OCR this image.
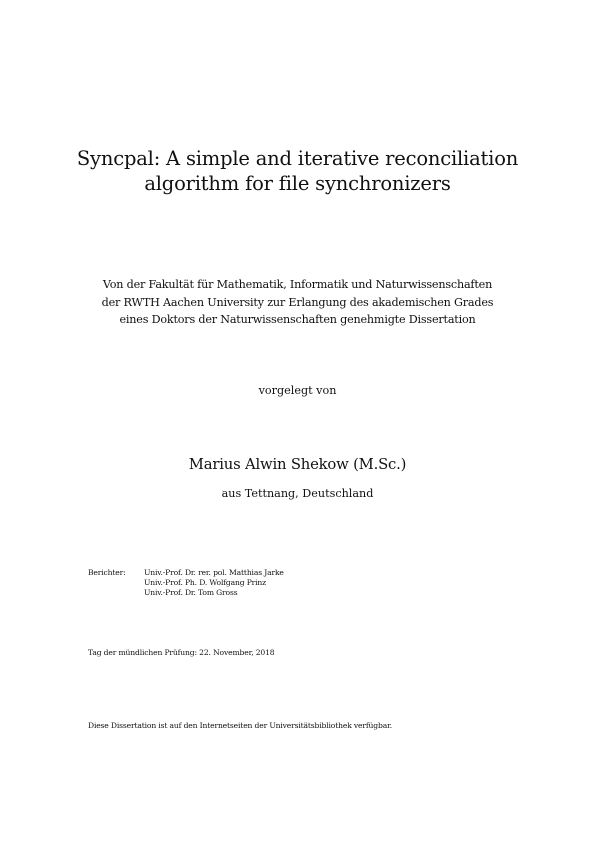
Syncpal: A simple and iterative reconciliation
algorithm for file synchronizers
Von der Fakultät für Mathematik, Informatik und Naturwissenschaften
der RWTH Aachen University zur Erlangung des akademischen Grades
eines Doktors der Naturwissenschaften genehmigte Dissertation
vorgelegt von
Marius Alwin Shekow (M.Sc.)
aus Tettnang, Deutschland
Berichter: Univ.-Prof. Dr. rer. pol. Matthias Jarke
Univ.-Prof. Ph. D. Wolfgang Prinz
Univ.-Prof. Dr. Tom Gross
Tag der mündlichen Prüfung: 22. November, 2018
Diese Dissertation ist auf den Internetseiten der Universitätsbibliothek verfügbar.
